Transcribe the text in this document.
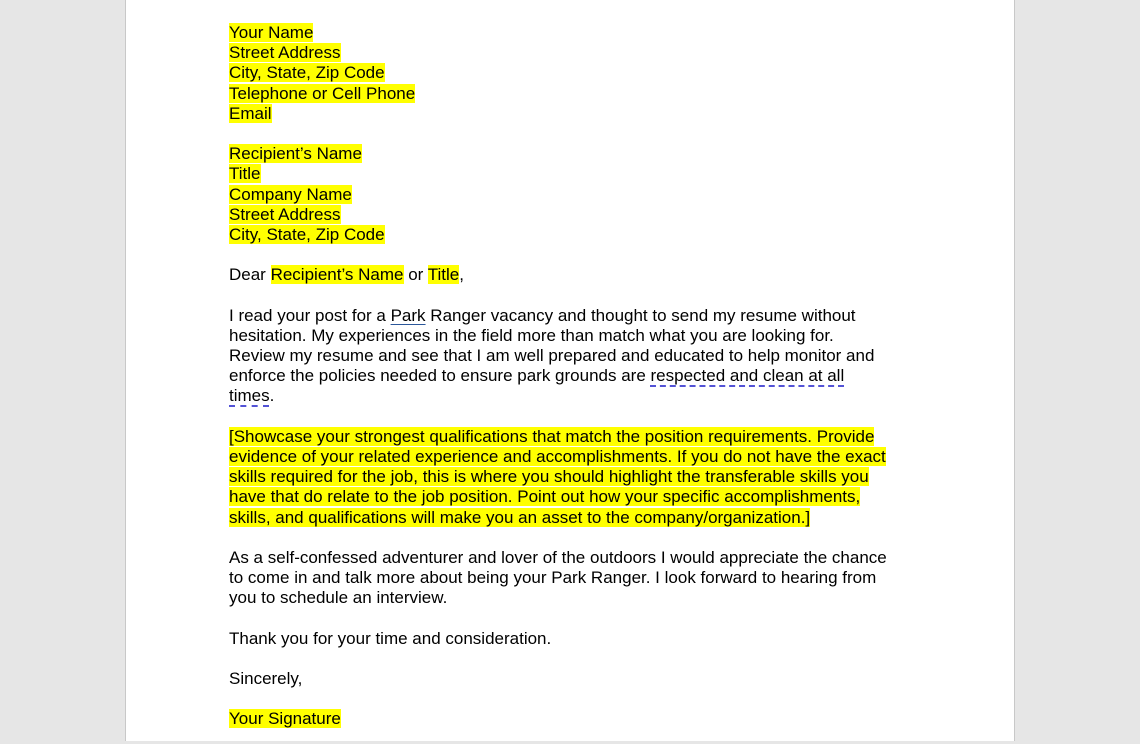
Your Name
Street Address
City, State, Zip Code
Telephone or Cell Phone
Email
Recipient’s Name
Title
Company Name
Street Address
City, State, Zip Code
Dear Recipient’s Name or Title,
I read your post for a Park Ranger vacancy and thought to send my resume without
hesitation. My experiences in the field more than match what you are looking for.
Review my resume and see that I am well prepared and educated to help monitor and
enforce the policies needed to ensure park grounds are respected and clean at all
times.
[Showcase your strongest qualifications that match the position requirements. Provide
evidence of your related experience and accomplishments. If you do not have the exact
skills required for the job, this is where you should highlight the transferable skills you
have that do relate to the job position. Point out how your specific accomplishments,
skills, and qualifications will make you an asset to the company/organization.]
As a self-confessed adventurer and lover of the outdoors I would appreciate the chance
to come in and talk more about being your Park Ranger. I look forward to hearing from
you to schedule an interview.
Thank you for your time and consideration.
Sincerely,
Your Signature
